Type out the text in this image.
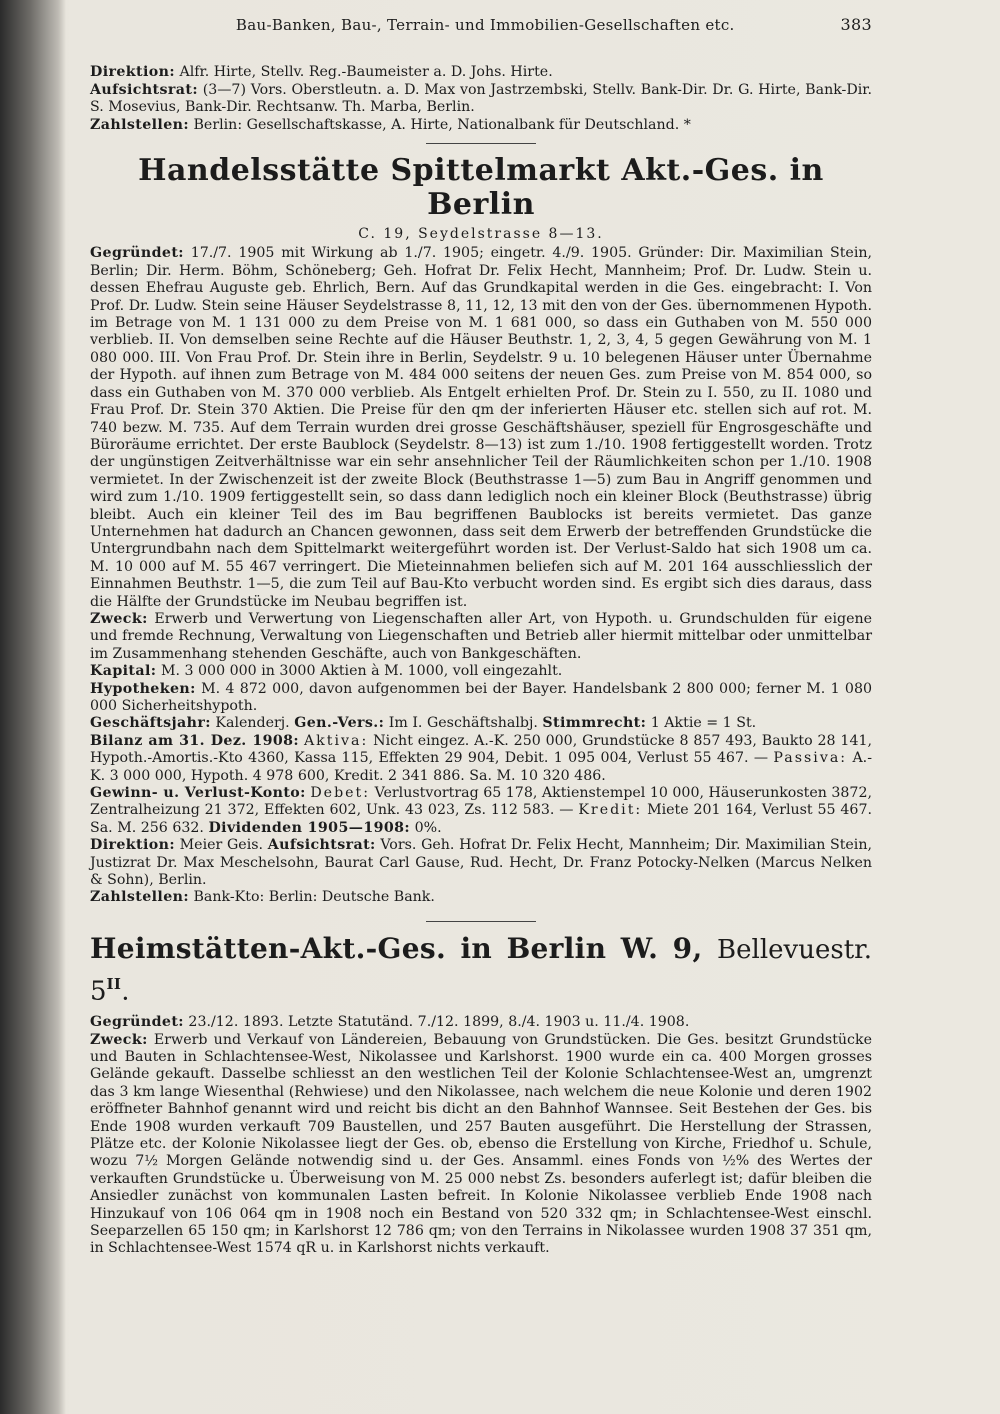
Bau-Banken, Bau-, Terrain- und Immobilien-Gesellschaften etc.	383

Direktion: Alfr. Hirte, Stellv. Reg.-Baumeister a. D. Johs. Hirte.

Aufsichtsrat: (3—7) Vors. Oberstleutn. a. D. Max von Jastrzembski, Stellv. Bank-Dir. Dr. G. Hirte, Bank-Dir. S. Mosevius, Bank-Dir. Rechtsanw. Th. Marba, Berlin.

Zahlstellen: Berlin: Gesellschaftskasse, A. Hirte, Nationalbank für Deutschland. *

Handelsstätte Spittelmarkt Akt.-Ges. in Berlin
C. 19, Seydelstrasse 8—13.

Gegründet: 17./7. 1905 mit Wirkung ab 1./7. 1905; eingetr. 4./9. 1905. Gründer: Dir. Maximilian Stein, Berlin; Dir. Herm. Böhm, Schöneberg; Geh. Hofrat Dr. Felix Hecht, Mannheim; Prof. Dr. Ludw. Stein u. dessen Ehefrau Auguste geb. Ehrlich, Bern. Auf das Grundkapital werden in die Ges. eingebracht: I. Von Prof. Dr. Ludw. Stein seine Häuser Seydelstrasse 8, 11, 12, 13 mit den von der Ges. übernommenen Hypoth. im Betrage von M. 1 131 000 zu dem Preise von M. 1 681 000, so dass ein Guthaben von M. 550 000 verblieb. II. Von demselben seine Rechte auf die Häuser Beuthstr. 1, 2, 3, 4, 5 gegen Gewährung von M. 1 080 000. III. Von Frau Prof. Dr. Stein ihre in Berlin, Seydelstr. 9 u. 10 belegenen Häuser unter Übernahme der Hypoth. auf ihnen zum Betrage von M. 484 000 seitens der neuen Ges. zum Preise von M. 854 000, so dass ein Guthaben von M. 370 000 verblieb. Als Entgelt erhielten Prof. Dr. Stein zu I. 550, zu II. 1080 und Frau Prof. Dr. Stein 370 Aktien. Die Preise für den qm der inferierten Häuser etc. stellen sich auf rot. M. 740 bezw. M. 735. Auf dem Terrain wurden drei grosse Geschäftshäuser, speziell für Engrosgeschäfte und Büroräume errichtet. Der erste Baublock (Seydelstr. 8—13) ist zum 1./10. 1908 fertiggestellt worden. Trotz der ungünstigen Zeitverhältnisse war ein sehr ansehnlicher Teil der Räumlichkeiten schon per 1./10. 1908 vermietet. In der Zwischenzeit ist der zweite Block (Beuthstrasse 1—5) zum Bau in Angriff genommen und wird zum 1./10. 1909 fertiggestellt sein, so dass dann lediglich noch ein kleiner Block (Beuthstrasse) übrig bleibt. Auch ein kleiner Teil des im Bau begriffenen Baublocks ist bereits vermietet. Das ganze Unternehmen hat dadurch an Chancen gewonnen, dass seit dem Erwerb der betreffenden Grundstücke die Untergrundbahn nach dem Spittelmarkt weitergeführt worden ist. Der Verlust-Saldo hat sich 1908 um ca. M. 10 000 auf M. 55 467 verringert. Die Mieteinnahmen beliefen sich auf M. 201 164 ausschliesslich der Einnahmen Beuthstr. 1—5, die zum Teil auf Bau-Kto verbucht worden sind. Es ergibt sich dies daraus, dass die Hälfte der Grundstücke im Neubau begriffen ist.

Zweck: Erwerb und Verwertung von Liegenschaften aller Art, von Hypoth. u. Grundschulden für eigene und fremde Rechnung, Verwaltung von Liegenschaften und Betrieb aller hiermit mittelbar oder unmittelbar im Zusammenhang stehenden Geschäfte, auch von Bankgeschäften.

Kapital: M. 3 000 000 in 3000 Aktien à M. 1000, voll eingezahlt.

Hypotheken: M. 4 872 000, davon aufgenommen bei der Bayer. Handelsbank 2 800 000; ferner M. 1 080 000 Sicherheitshypoth.

Geschäftsjahr: Kalenderj. Gen.-Vers.: Im I. Geschäftshalbj. Stimmrecht: 1 Aktie = 1 St.

Bilanz am 31. Dez. 1908: Aktiva: Nicht eingez. A.-K. 250 000, Grundstücke 8 857 493, Baukto 28 141, Hypoth.-Amortis.-Kto 4360, Kassa 115, Effekten 29 904, Debit. 1 095 004, Verlust 55 467. — Passiva: A.-K. 3 000 000, Hypoth. 4 978 600, Kredit. 2 341 886. Sa. M. 10 320 486.

Gewinn- u. Verlust-Konto: Debet: Verlustvortrag 65 178, Aktienstempel 10 000, Häuserunkosten 3872, Zentralheizung 21 372, Effekten 602, Unk. 43 023, Zs. 112 583. — Kredit: Miete 201 164, Verlust 55 467. Sa. M. 256 632. Dividenden 1905—1908: 0%.

Direktion: Meier Geis. Aufsichtsrat: Vors. Geh. Hofrat Dr. Felix Hecht, Mannheim; Dir. Maximilian Stein, Justizrat Dr. Max Meschelsohn, Baurat Carl Gause, Rud. Hecht, Dr. Franz Potocky-Nelken (Marcus Nelken & Sohn), Berlin.

Zahlstellen: Bank-Kto: Berlin: Deutsche Bank.

Heimstätten-Akt.-Ges. in Berlin W. 9, Bellevuestr. $5^{II}$.

Gegründet: 23./12. 1893. Letzte Statutänd. 7./12. 1899, 8./4. 1903 u. 11./4. 1908.

Zweck: Erwerb und Verkauf von Ländereien, Bebauung von Grundstücken. Die Ges. besitzt Grundstücke und Bauten in Schlachtensee-West, Nikolassee und Karlshorst. 1900 wurde ein ca. 400 Morgen grosses Gelände gekauft. Dasselbe schliesst an den westlichen Teil der Kolonie Schlachtensee-West an, umgrenzt das 3 km lange Wiesenthal (Rehwiese) und den Nikolassee, nach welchem die neue Kolonie und deren 1902 eröffneter Bahnhof genannt wird und reicht bis dicht an den Bahnhof Wannsee. Seit Bestehen der Ges. bis Ende 1908 wurden verkauft 709 Baustellen, und 257 Bauten ausgeführt. Die Herstellung der Strassen, Plätze etc. der Kolonie Nikolassee liegt der Ges. ob, ebenso die Erstellung von Kirche, Friedhof u. Schule, wozu 7½ Morgen Gelände notwendig sind u. der Ges. Ansamml. eines Fonds von ½% des Wertes der verkauften Grundstücke u. Überweisung von M. 25 000 nebst Zs. besonders auferlegt ist; dafür bleiben die Ansiedler zunächst von kommunalen Lasten befreit. In Kolonie Nikolassee verblieb Ende 1908 nach Hinzukauf von 106 064 qm in 1908 noch ein Bestand von 520 332 qm; in Schlachtensee-West einschl. Seeparzellen 65 150 qm; in Karlshorst 12 786 qm; von den Terrains in Nikolassee wurden 1908 37 351 qm, in Schlachtensee-West 1574 qR u. in Karlshorst nichts verkauft.
